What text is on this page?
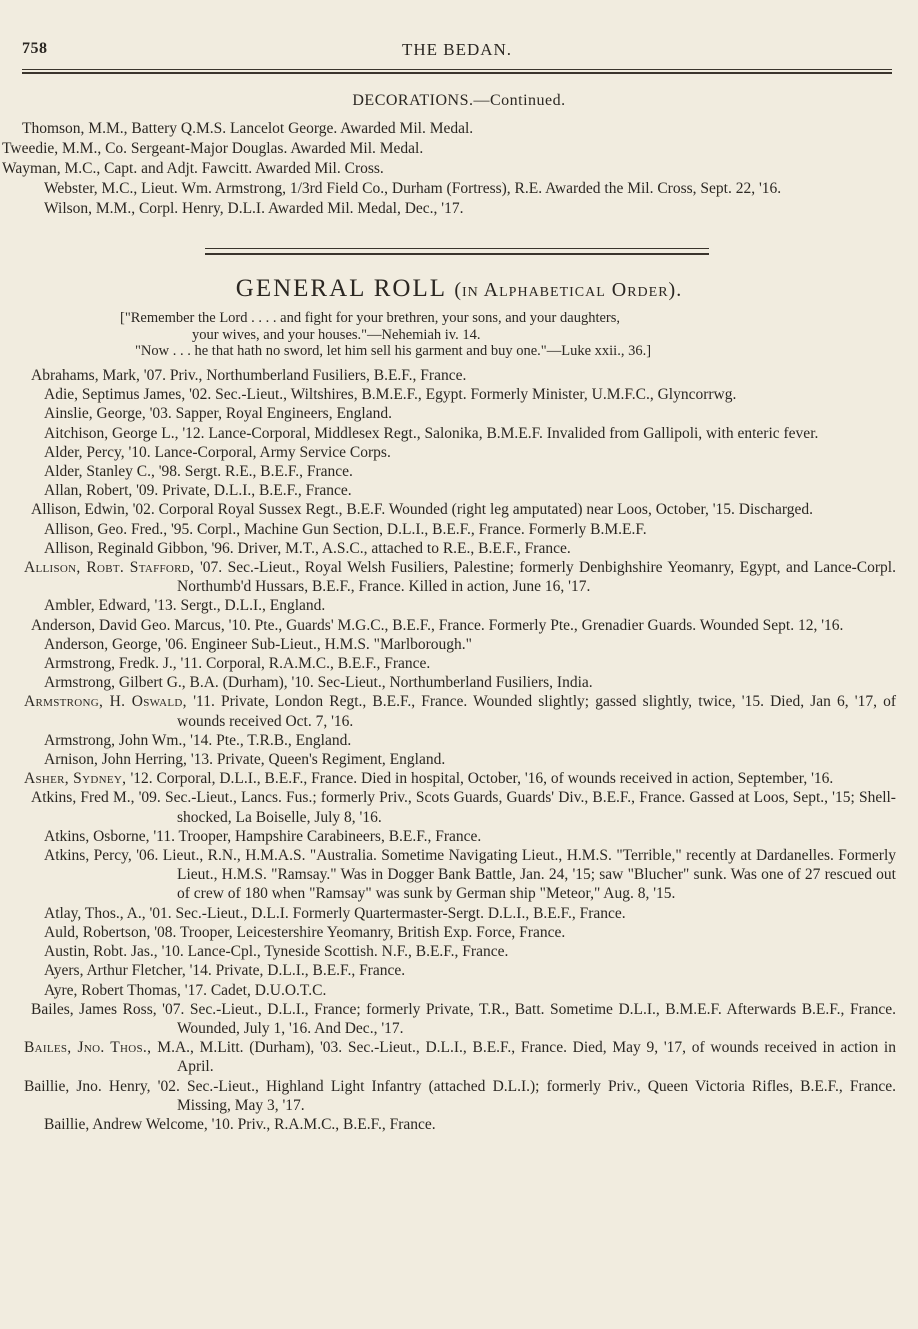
758	THE BEDAN.
DECORATIONS.—Continued.
Thomson, M.M., Battery Q.M.S. Lancelot George. Awarded Mil. Medal.
Tweedie, M.M., Co. Sergeant-Major Douglas. Awarded Mil. Medal.
Wayman, M.C., Capt. and Adjt. Fawcitt. Awarded Mil. Cross.
Webster, M.C., Lieut. Wm. Armstrong, 1/3rd Field Co., Durham (Fortress), R.E. Awarded the Mil. Cross, Sept. 22, '16.
Wilson, M.M., Corpl. Henry, D.L.I. Awarded Mil. Medal, Dec., '17.
GENERAL ROLL (in Alphabetical Order).
["Remember the Lord . . . . and fight for your brethren, your sons, and your daughters,
your wives, and your houses."—Nehemiah iv. 14.
"Now . . . he that hath no sword, let him sell his garment and buy one."—Luke xxii., 36.]
Abrahams, Mark, '07. Priv., Northumberland Fusiliers, B.E.F., France.
Adie, Septimus James, '02. Sec.-Lieut., Wiltshires, B.M.E.F., Egypt. Formerly Minister, U.M.F.C., Glyncorrwg.
Ainslie, George, '03. Sapper, Royal Engineers, England.
Aitchison, George L., '12. Lance-Corporal, Middlesex Regt., Salonika, B.M.E.F. Invalided from Gallipoli, with enteric fever.
Alder, Percy, '10. Lance-Corporal, Army Service Corps.
Alder, Stanley C., '98. Sergt. R.E., B.E.F., France.
Allan, Robert, '09. Private, D.L.I., B.E.F., France.
Allison, Edwin, '02. Corporal Royal Sussex Regt., B.E.F. Wounded (right leg amputated) near Loos, October, '15. Discharged.
Allison, Geo. Fred., '95. Corpl., Machine Gun Section, D.L.I., B.E.F., France. Formerly B.M.E.F.
Allison, Reginald Gibbon, '96. Driver, M.T., A.S.C., attached to R.E., B.E.F., France.
Allison, Robt. Stafford, '07. Sec.-Lieut., Royal Welsh Fusiliers, Palestine; formerly Denbighshire Yeomanry, Egypt, and Lance-Corpl. Northumb'd Hussars, B.E.F., France. Killed in action, June 16, '17.
Ambler, Edward, '13. Sergt., D.L.I., England.
Anderson, David Geo. Marcus, '10. Pte., Guards' M.G.C., B.E.F., France. Formerly Pte., Grenadier Guards. Wounded Sept. 12, '16.
Anderson, George, '06. Engineer Sub-Lieut., H.M.S. "Marlborough."
Armstrong, Fredk. J., '11. Corporal, R.A.M.C., B.E.F., France.
Armstrong, Gilbert G., B.A. (Durham), '10. Sec-Lieut., Northumberland Fusiliers, India.
Armstrong, H. Oswald, '11. Private, London Regt., B.E.F., France. Wounded slightly; gassed slightly, twice, '15. Died, Jan 6, '17, of wounds received Oct. 7, '16.
Armstrong, John Wm., '14. Pte., T.R.B., England.
Arnison, John Herring, '13. Private, Queen's Regiment, England.
Asher, Sydney, '12. Corporal, D.L.I., B.E.F., France. Died in hospital, October, '16, of wounds received in action, September, '16.
Atkins, Fred M., '09. Sec.-Lieut., Lancs. Fus.; formerly Priv., Scots Guards, Guards' Div., B.E.F., France. Gassed at Loos, Sept., '15; Shell-shocked, La Boiselle, July 8, '16.
Atkins, Osborne, '11. Trooper, Hampshire Carabineers, B.E.F., France.
Atkins, Percy, '06. Lieut., R.N., H.M.A.S. "Australia. Sometime Navigating Lieut., H.M.S. "Terrible," recently at Dardanelles. Formerly Lieut., H.M.S. "Ramsay." Was in Dogger Bank Battle, Jan. 24, '15; saw "Blucher" sunk. Was one of 27 rescued out of crew of 180 when "Ramsay" was sunk by German ship "Meteor," Aug. 8, '15.
Atlay, Thos., A., '01. Sec.-Lieut., D.L.I. Formerly Quartermaster-Sergt. D.L.I., B.E.F., France.
Auld, Robertson, '08. Trooper, Leicestershire Yeomanry, British Exp. Force, France.
Austin, Robt. Jas., '10. Lance-Cpl., Tyneside Scottish. N.F., B.E.F., France.
Ayers, Arthur Fletcher, '14. Private, D.L.I., B.E.F., France.
Ayre, Robert Thomas, '17. Cadet, D.U.O.T.C.
Bailes, James Ross, '07. Sec.-Lieut., D.L.I., France; formerly Private, T.R., Batt. Sometime D.L.I., B.M.E.F. Afterwards B.E.F., France. Wounded, July 1, '16. And Dec., '17.
Bailes, Jno. Thos., M.A., M.Litt. (Durham), '03. Sec.-Lieut., D.L.I., B.E.F., France. Died, May 9, '17, of wounds received in action in April.
Baillie, Jno. Henry, '02. Sec.-Lieut., Highland Light Infantry (attached D.L.I.); formerly Priv., Queen Victoria Rifles, B.E.F., France. Missing, May 3, '17.
Baillie, Andrew Welcome, '10. Priv., R.A.M.C., B.E.F., France.
